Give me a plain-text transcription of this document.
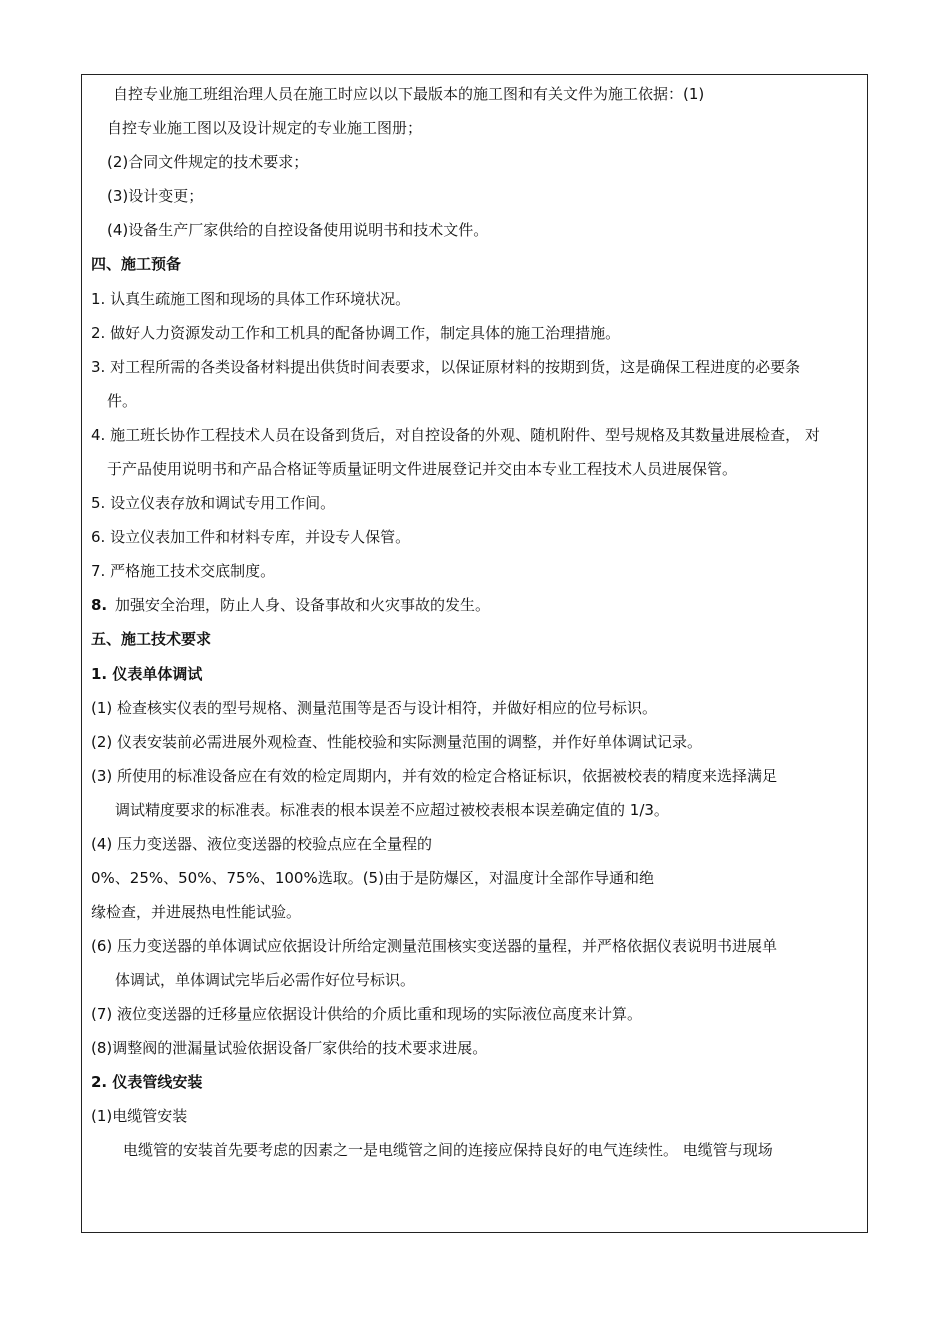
自控专业施工班组治理人员在施工时应以以下最版本的施工图和有关文件为施工依据：(1)
自控专业施工图以及设计规定的专业施工图册；
(2)合同文件规定的技术要求；
(3)设计变更；
(4)设备生产厂家供给的自控设备使用说明书和技术文件。
四、施工预备
1. 认真生疏施工图和现场的具体工作环境状况。
2. 做好人力资源发动工作和工机具的配备协调工作，制定具体的施工治理措施。
3. 对工程所需的各类设备材料提出供货时间表要求，以保证原材料的按期到货，这是确保工程进度的必要条
件。
4. 施工班长协作工程技术人员在设备到货后，对自控设备的外观、随机附件、型号规格及其数量进展检查， 对
于产品使用说明书和产品合格证等质量证明文件进展登记并交由本专业工程技术人员进展保管。
5. 设立仪表存放和调试专用工作间。
6. 设立仪表加工件和材料专库，并设专人保管。
7. 严格施工技术交底制度。
8. 加强安全治理，防止人身、设备事故和火灾事故的发生。
五、施工技术要求
1. 仪表单体调试
(1) 检查核实仪表的型号规格、测量范围等是否与设计相符，并做好相应的位号标识。
(2) 仪表安装前必需进展外观检查、性能校验和实际测量范围的调整，并作好单体调试记录。
(3) 所使用的标准设备应在有效的检定周期内，并有效的检定合格证标识，依据被校表的精度来选择满足
调试精度要求的标准表。标准表的根本误差不应超过被校表根本误差确定值的 1/3。
(4) 压力变送器、液位变送器的校验点应在全量程的
0%、25%、50%、75%、100%选取。(5)由于是防爆区，对温度计全部作导通和绝
缘检查，并进展热电性能试验。
(6) 压力变送器的单体调试应依据设计所给定测量范围核实变送器的量程，并严格依据仪表说明书进展单
体调试，单体调试完毕后必需作好位号标识。
(7) 液位变送器的迁移量应依据设计供给的介质比重和现场的实际液位高度来计算。
(8)调整阀的泄漏量试验依据设备厂家供给的技术要求进展。
2. 仪表管线安装
(1)电缆管安装
电缆管的安装首先要考虑的因素之一是电缆管之间的连接应保持良好的电气连续性。 电缆管与现场
